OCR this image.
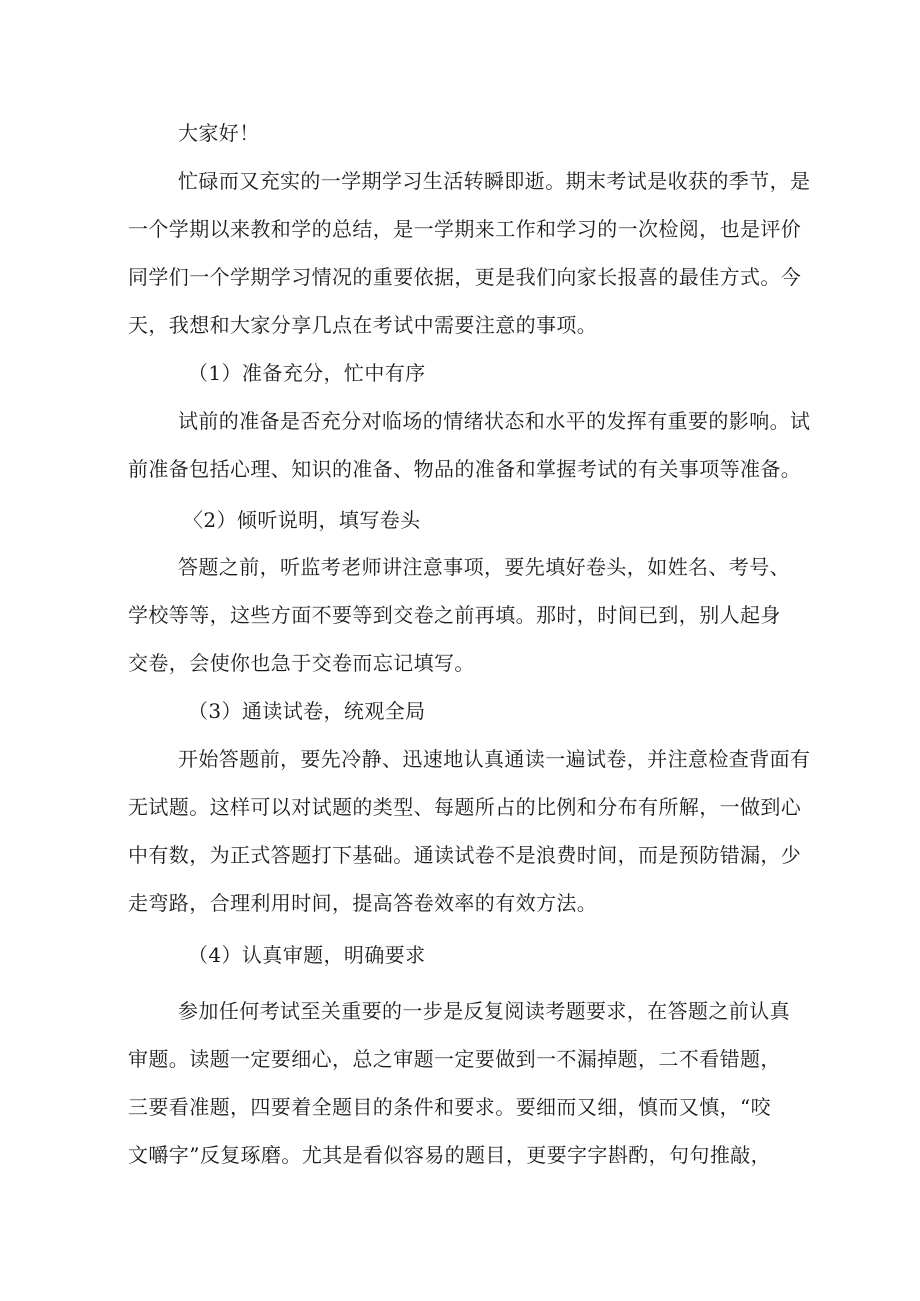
大家好！
忙碌而又充实的一学期学习生活转瞬即逝。期末考试是收获的季节，是
一个学期以来教和学的总结，是一学期来工作和学习的一次检阅，也是评价
同学们一个学期学习情况的重要依据，更是我们向家长报喜的最佳方式。今
天，我想和大家分享几点在考试中需要注意的事项。
（1）准备充分，忙中有序
试前的准备是否充分对临场的情绪状态和水平的发挥有重要的影响。试
前准备包括心理、知识的准备、物品的准备和掌握考试的有关事项等准备。
〈2）倾听说明，填写卷头
答题之前，听监考老师讲注意事项，要先填好卷头，如姓名、考号、
学校等等，这些方面不要等到交卷之前再填。那时，时间已到，别人起身
交卷，会使你也急于交卷而忘记填写。
（3）通读试卷，统观全局
开始答题前，要先冷静、迅速地认真通读一遍试卷，并注意检查背面有
无试题。这样可以对试题的类型、每题所占的比例和分布有所解，一做到心
中有数，为正式答题打下基础。通读试卷不是浪费时间，而是预防错漏，少
走弯路，合理利用时间，提高答卷效率的有效方法。
（4）认真审题，明确要求
参加任何考试至关重要的一步是反复阅读考题要求，在答题之前认真
审题。读题一定要细心，总之审题一定要做到一不漏掉题，二不看错题，
三要看准题，四要着全题目的条件和要求。要细而又细，慎而又慎，“咬
文嚼字”反复琢磨。尤其是看似容易的题目，更要字字斟酌，句句推敲，
